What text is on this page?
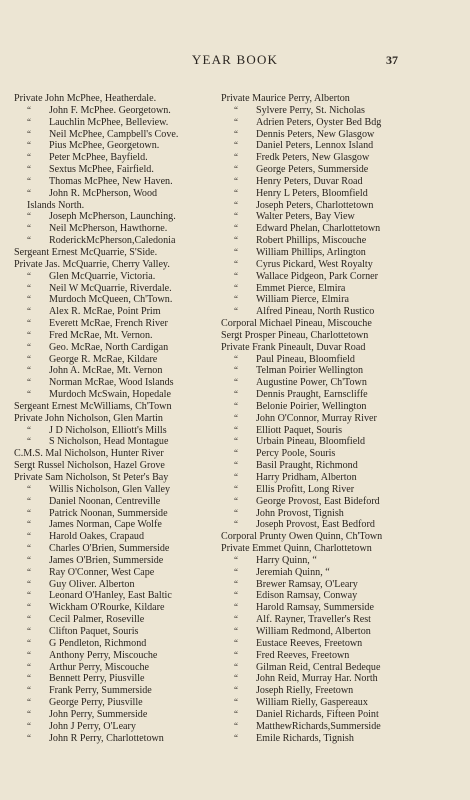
YEAR BOOK	37
Private John McPhee, Heatherdale.
“ John F. McPhee. Georgetown.
“ Lauchlin McPhee, Belleview.
“ Neil McPhee, Campbell's Cove.
“ Pius McPhee, Georgetown.
“ Peter McPhee, Bayfield.
“ Sextus McPhee, Fairfield.
“ Thomas McPhee, New Haven.
“ John R. McPherson, Wood
Islands North.
“ Joseph McPherson, Launching.
“ Neil McPherson, Hawthorne.
“ RoderickMcPherson,Caledonia
Sergeant Ernest McQuarrie, S'Side.
Private Jas. McQuarrie, Cherry Valley.
“ Glen McQuarrie, Victoria.
“ Neil W McQuarrie, Riverdale.
“ Murdoch McQueen, Ch'Town.
“ Alex R. McRae, Point Prim
“ Everett McRae, French River
“ Fred McRae, Mt. Vernon.
“ Geo. McRae, North Cardigan
“ George R. McRae, Kildare
“ John A. McRae, Mt. Vernon
“ Norman McRae, Wood Islands
“ Murdoch McSwain, Hopedale
Sergeant Ernest McWilliams, Ch'Town
Private John Nicholson, Glen Martin
“ J D Nicholson, Elliott's Mills
“ S Nicholson, Head Montague
C.M.S. Mal Nicholson, Hunter River
Sergt Russel Nicholson, Hazel Grove
Private Sam Nicholson, St Peter's Bay
“ Willis Nicholson, Glen Valley
“ Daniel Noonan, Centreville
“ Patrick Noonan, Summerside
“ James Norman, Cape Wolfe
“ Harold Oakes, Crapaud
“ Charles O'Brien, Summerside
“ James O'Brien, Summerside
“ Ray O'Conner, West Cape
“ Guy Oliver. Alberton
“ Leonard O'Hanley, East Baltic
“ Wickham O'Rourke, Kildare
“ Cecil Palmer, Roseville
“ Clifton Paquet, Souris
“ G Pendleton, Richmond
“ Anthony Perry, Miscouche
“ Arthur Perry, Miscouche
“ Bennett Perry, Piusville
“ Frank Perry, Summerside
“ George Perry, Piusville
“ John Perry, Summerside
“ John J Perry, O'Leary
“ John R Perry, Charlottetown
Private Maurice Perry, Alberton
“ Sylvere Perry, St. Nicholas
“ Adrien Peters, Oyster Bed Bdg
“ Dennis Peters, New Glasgow
“ Daniel Peters, Lennox Island
“ Fredk Peters, New Glasgow
“ George Peters, Summerside
“ Henry Peters, Duvar Road
“ Henry L Peters, Bloomfield
“ Joseph Peters, Charlottetown
“ Walter Peters, Bay View
“ Edward Phelan, Charlottetown
“ Robert Phillips, Miscouche
“ William Phillips, Arlington
“ Cyrus Pickard, West Royalty
“ Wallace Pidgeon, Park Corner
“ Emmet Pierce, Elmira
“ William Pierce, Elmira
“ Alfred Pineau, North Rustico
Corporal Michael Pineau, Miscouche
Sergt Prosper Pineau, Charlottetown
Private Frank Pineault, Duvar Road
“ Paul Pineau, Bloomfield
“ Telman Poirier Wellington
“ Augustine Power, Ch'Town
“ Dennis Praught, Earnscliffe
“ Belonie Poirier, Wellington
“ John O'Connor, Murray River
“ Elliott Paquet, Souris
“ Urbain Pineau, Bloomfield
“ Percy Poole, Souris
“ Basil Praught, Richmond
“ Harry Pridham, Alberton
“ Ellis Profitt, Long River
“ George Provost, East Bideford
“ John Provost, Tignish
“ Joseph Provost, East Bedford
Corporal Prunty Owen Quinn, Ch'Town
Private Emmet Quinn, Charlottetown
“ Harry Quinn, “
“ Jeremiah Quinn, “
“ Brewer Ramsay, O'Leary
“ Edison Ramsay, Conway
“ Harold Ramsay, Summerside
“ Alf. Rayner, Traveller's Rest
“ William Redmond, Alberton
“ Eustace Reeves, Freetown
“ Fred Reeves, Freetown
“ Gilman Reid, Central Bedeque
“ John Reid, Murray Har. North
“ Joseph Rielly, Freetown
“ William Rielly, Gaspereaux
“ Daniel Richards, Fifteen Point
“ MatthewRichards,Summerside
“ Emile Richards, Tignish
